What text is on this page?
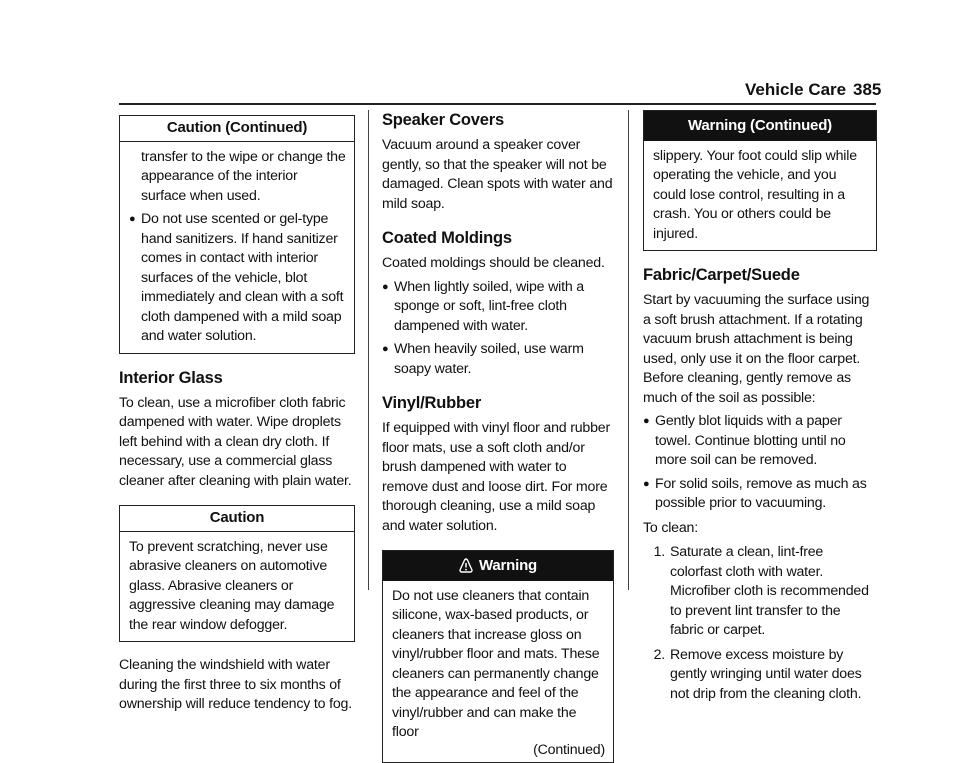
Vehicle Care 385
Caution (Continued)
transfer to the wipe or change the appearance of the interior surface when used.
● Do not use scented or gel-type hand sanitizers. If hand sanitizer comes in contact with interior surfaces of the vehicle, blot immediately and clean with a soft cloth dampened with a mild soap and water solution.
Interior Glass

To clean, use a microfiber cloth fabric dampened with water. Wipe droplets left behind with a clean dry cloth. If necessary, use a commercial glass cleaner after cleaning with plain water.

Caution

To prevent scratching, never use abrasive cleaners on automotive glass. Abrasive cleaners or aggressive cleaning may damage the rear window defogger.

Cleaning the windshield with water during the first three to six months of ownership will reduce tendency to fog.

Speaker Covers

Vacuum around a speaker cover gently, so that the speaker will not be damaged. Clean spots with water and mild soap.

Coated Moldings

Coated moldings should be cleaned.

● When lightly soiled, wipe with a sponge or soft, lint-free cloth dampened with water.
● When heavily soiled, use warm soapy water.
Vinyl/Rubber

If equipped with vinyl floor and rubber floor mats, use a soft cloth and/or brush dampened with water to remove dust and loose dirt. For more thorough cleaning, use a mild soap and water solution.

Warning

Do not use cleaners that contain silicone, wax-based products, or cleaners that increase gloss on vinyl/rubber floor and mats. These cleaners can permanently change the appearance and feel of the vinyl/rubber and can make the floor

(Continued)
Warning (Continued)

slippery. Your foot could slip while operating the vehicle, and you could lose control, resulting in a crash. You or others could be injured.

Fabric/Carpet/Suede

Start by vacuuming the surface using a soft brush attachment. If a rotating vacuum brush attachment is being used, only use it on the floor carpet. Before cleaning, gently remove as much of the soil as possible:

● Gently blot liquids with a paper towel. Continue blotting until no more soil can be removed.
● For solid soils, remove as much as possible prior to vacuuming.

To clean:

1. Saturate a clean, lint-free colorfast cloth with water. Microfiber cloth is recommended to prevent lint transfer to the fabric or carpet.
2. Remove excess moisture by gently wringing until water does not drip from the cleaning cloth.
